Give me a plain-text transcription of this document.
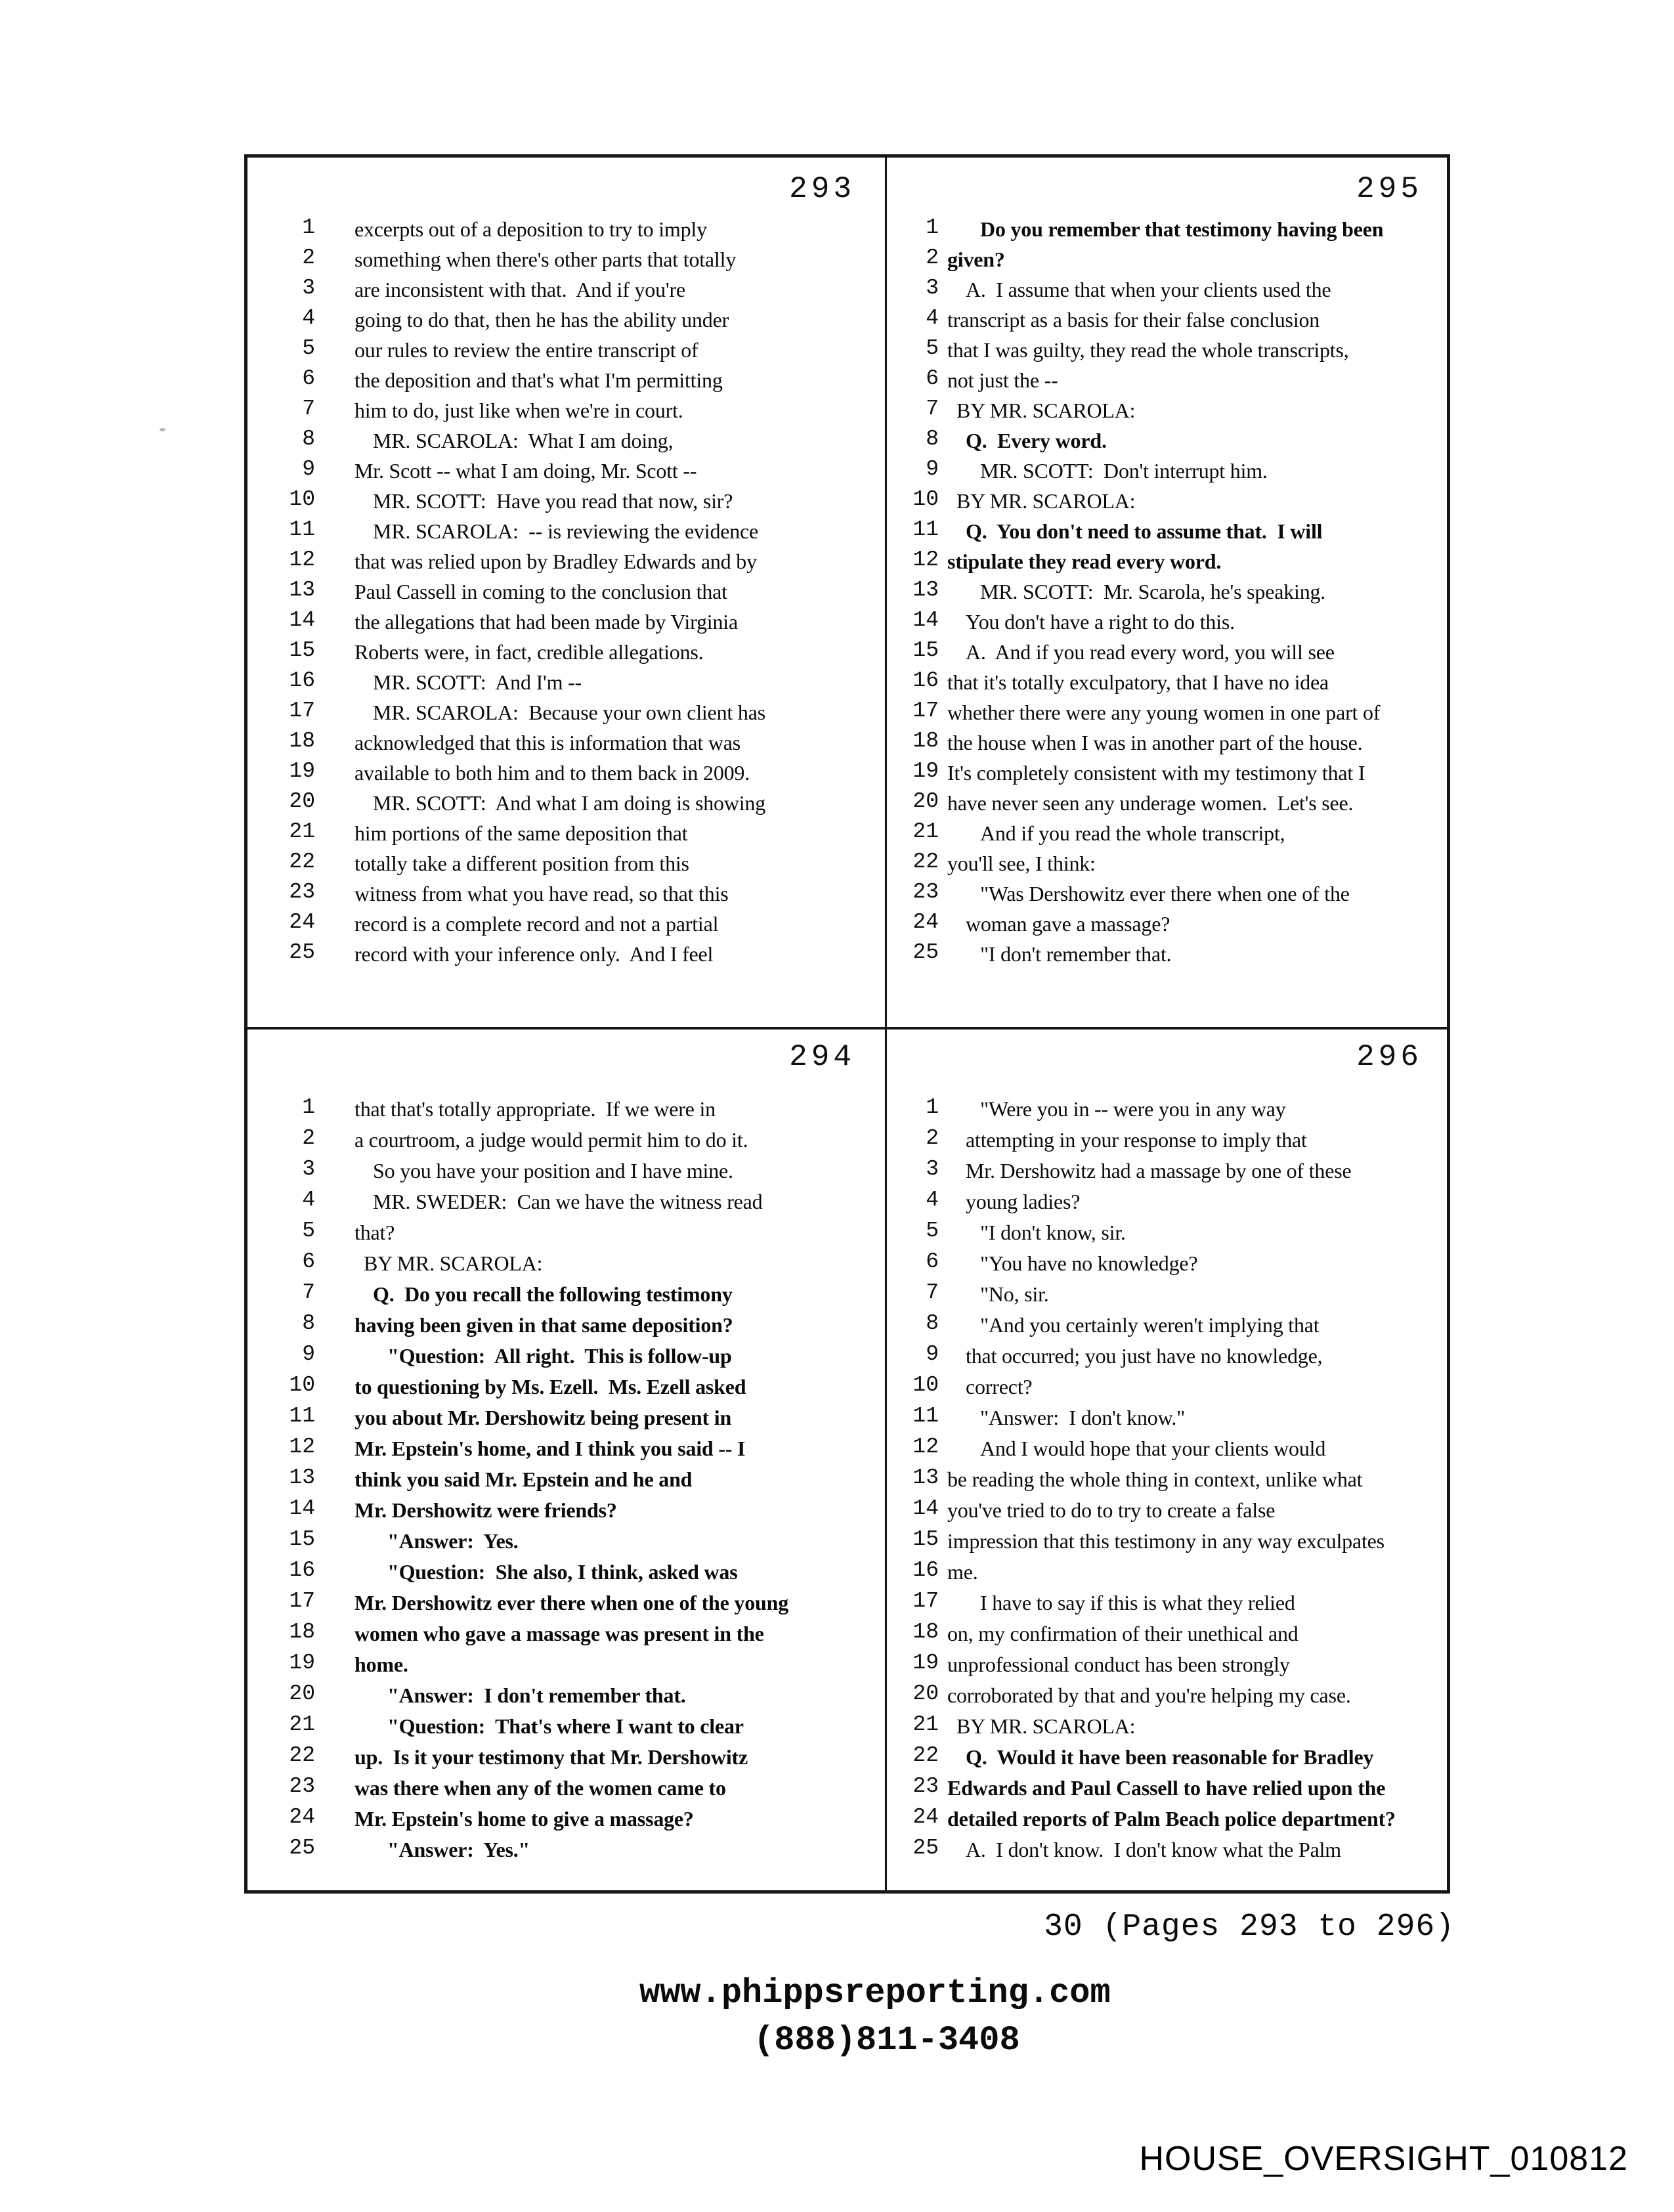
293	295
294	296
1 excerpts out of a deposition to try to imply
2 something when there's other parts that totally
3 are inconsistent with that.  And if you're
4 going to do that, then he has the ability under
5 our rules to review the entire transcript of
6 the deposition and that's what I'm permitting
7 him to do, just like when we're in court.
8	MR. SCAROLA:  What I am doing,
9 Mr. Scott -- what I am doing, Mr. Scott --
10	MR. SCOTT:  Have you read that now, sir?
11	MR. SCAROLA:  -- is reviewing the evidence
12 that was relied upon by Bradley Edwards and by
13 Paul Cassell in coming to the conclusion that
14 the allegations that had been made by Virginia
15 Roberts were, in fact, credible allegations.
16	MR. SCOTT:  And I'm --
17	MR. SCAROLA:  Because your own client has
18 acknowledged that this is information that was
19 available to both him and to them back in 2009.
20	MR. SCOTT:  And what I am doing is showing
21 him portions of the same deposition that
22 totally take a different position from this
23 witness from what you have read, so that this
24 record is a complete record and not a partial
25 record with your inference only.  And I feel
1	Do you remember that testimony having been
2 given?
3	A.  I assume that when your clients used the
4 transcript as a basis for their false conclusion
5 that I was guilty, they read the whole transcripts,
6 not just the --
7 BY MR. SCAROLA:
8	Q.  Every word.
9	MR. SCOTT:  Don't interrupt him.
10 BY MR. SCAROLA:
11	Q.  You don't need to assume that.  I will
12 stipulate they read every word.
13	MR. SCOTT:  Mr. Scarola, he's speaking.
14	You don't have a right to do this.
15	A.  And if you read every word, you will see
16 that it's totally exculpatory, that I have no idea
17 whether there were any young women in one part of
18 the house when I was in another part of the house.
19 It's completely consistent with my testimony that I
20 have never seen any underage women.  Let's see.
21	And if you read the whole transcript,
22 you'll see, I think:
23	"Was Dershowitz ever there when one of the
24	woman gave a massage?
25	"I don't remember that.
1 that that's totally appropriate.  If we were in
2 a courtroom, a judge would permit him to do it.
3	So you have your position and I have mine.
4	MR. SWEDER:  Can we have the witness read
5 that?
6	BY MR. SCAROLA:
7	Q.  Do you recall the following testimony
8 having been given in that same deposition?
9	"Question:  All right.  This is follow-up
10 to questioning by Ms. Ezell.  Ms. Ezell asked
11 you about Mr. Dershowitz being present in
12 Mr. Epstein's home, and I think you said -- I
13 think you said Mr. Epstein and he and
14 Mr. Dershowitz were friends?
15	"Answer:  Yes.
16	"Question:  She also, I think, asked was
17 Mr. Dershowitz ever there when one of the young
18 women who gave a massage was present in the
19 home.
20	"Answer:  I don't remember that.
21	"Question:  That's where I want to clear
22 up.  Is it your testimony that Mr. Dershowitz
23 was there when any of the women came to
24 Mr. Epstein's home to give a massage?
25	"Answer:  Yes."
1	"Were you in -- were you in any way
2	attempting in your response to imply that
3	Mr. Dershowitz had a massage by one of these
4	young ladies?
5	"I don't know, sir.
6	"You have no knowledge?
7	"No, sir.
8	"And you certainly weren't implying that
9	that occurred; you just have no knowledge,
10	correct?
11	"Answer:  I don't know."
12	And I would hope that your clients would
13 be reading the whole thing in context, unlike what
14 you've tried to do to try to create a false
15 impression that this testimony in any way exculpates
16 me.
17	I have to say if this is what they relied
18 on, my confirmation of their unethical and
19 unprofessional conduct has been strongly
20 corroborated by that and you're helping my case.
21 BY MR. SCAROLA:
22	Q.  Would it have been reasonable for Bradley
23 Edwards and Paul Cassell to have relied upon the
24 detailed reports of Palm Beach police department?
25	A.  I don't know.  I don't know what the Palm
30 (Pages 293 to 296)
www.phippsreporting.com
(888)811-3408
HOUSE_OVERSIGHT_010812
